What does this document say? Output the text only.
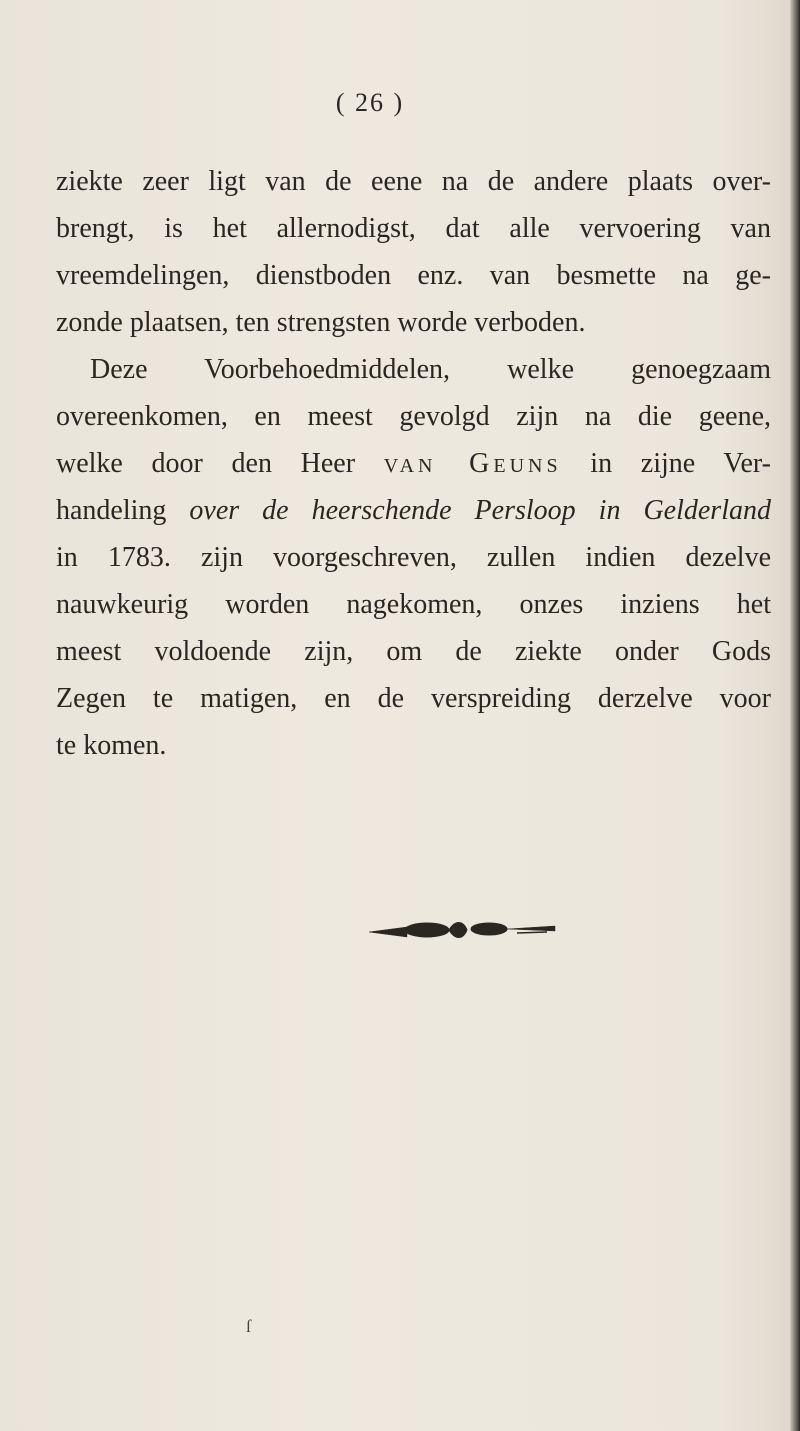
( 26 )
ziekte zeer ligt van de eene na de andere plaats over-
brengt, is het allernodigst, dat alle vervoering van
vreemdelingen, dienstboden enz. van besmette na ge-
zonde plaatsen, ten strengsten worde verboden.
Deze Voorbehoedmiddelen, welke genoegzaam
overeenkomen, en meest gevolgd zijn na die geene,
welke door den Heer van Geuns in zijne Ver-
handeling over de heerschende Persloop in Gelderland
in 1783. zijn voorgeschreven, zullen indien dezelve
nauwkeurig worden nagekomen, onzes inziens het
meest voldoende zijn, om de ziekte onder Gods
Zegen te matigen, en de verspreiding derzelve voor
te komen.
ſ
